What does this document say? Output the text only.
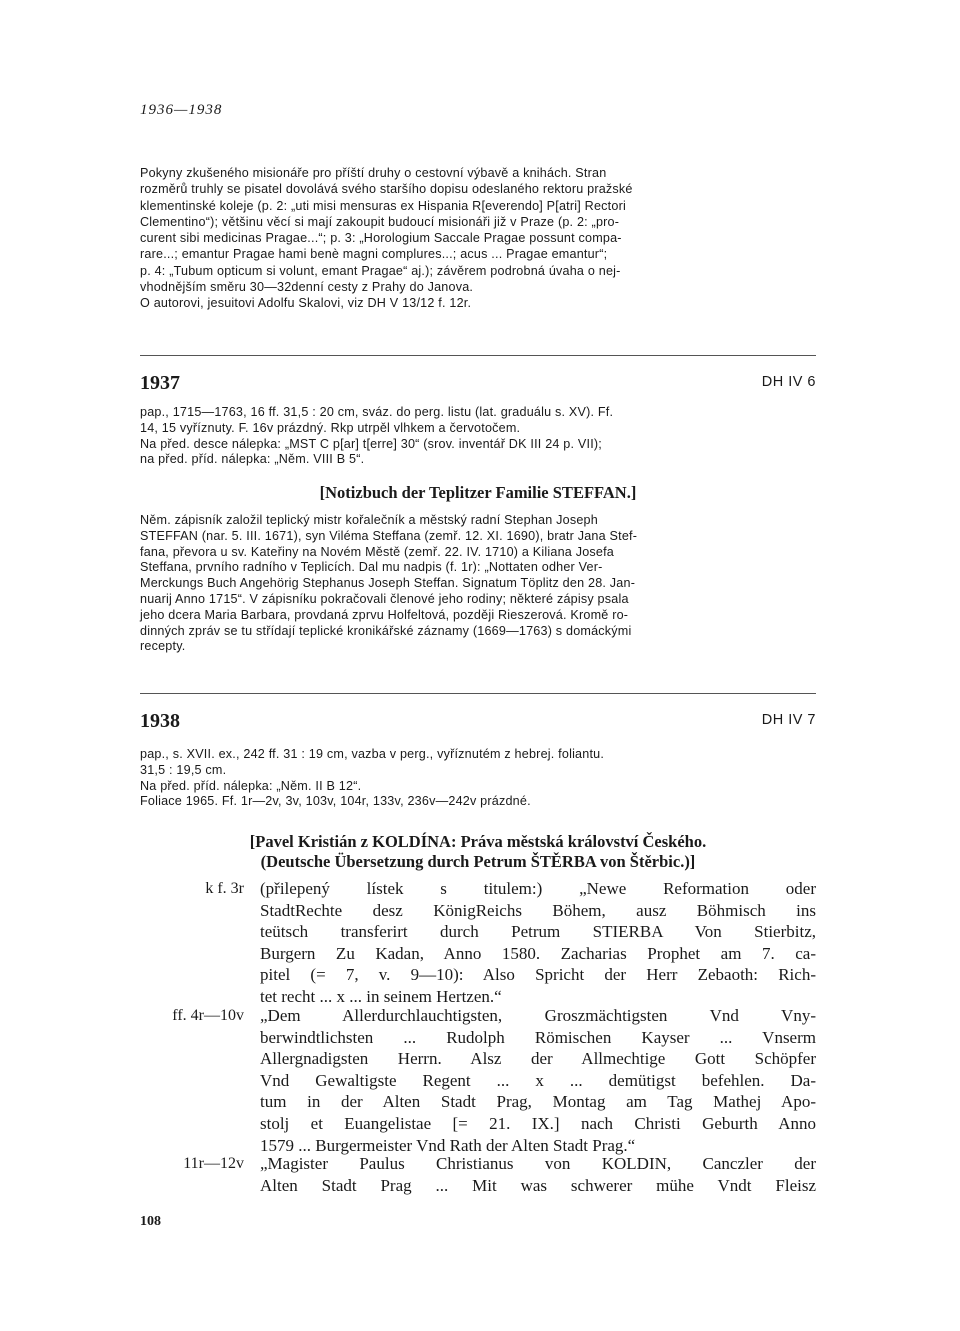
1936—1938

Pokyny zkušeného misionáře pro příští druhy o cestovní výbavě a knihách. Stran

rozměrů truhly se pisatel dovolává svého staršího dopisu odeslaného rektoru pražské

klementinské koleje (p. 2: „uti misi mensuras ex Hispania R[everendo] P[atri] Rectori

Clementino“); většinu věcí si mají zakoupit budoucí misionáři již v Praze (p. 2: „pro-

curent sibi medicinas Pragae...“; p. 3: „Horologium Saccale Pragae possunt compa-

rare...; emantur Pragae hami benè magni complures...; acus ... Pragae emantur“;

p. 4: „Tubum opticum si volunt, emant Pragae“ aj.); závěrem podrobná úvaha o nej-

vhodnějším směru 30—32denní cesty z Prahy do Janova.

O autorovi, jesuitovi Adolfu Skalovi, viz DH V 13/12 f. 12r.

1937	DH IV 6

pap., 1715—1763, 16 ff. 31,5 : 20 cm, sváz. do perg. listu (lat. graduálu s. XV). Ff.

14, 15 vyříznuty. F. 16v prázdný. Rkp utrpěl vlhkem a červotočem.

Na před. desce nálepka: „MST C p[ar] t[erre] 30“ (srov. inventář DK III 24 p. VII);

na před. příd. nálepka: „Něm. VIII B 5“.

[Notizbuch der Teplitzer Familie STEFFAN.]

Něm. zápisník založil teplický mistr kořalečník a městský radní Stephan Joseph

STEFFAN (nar. 5. III. 1671), syn Viléma Steffana (zemř. 12. XI. 1690), bratr Jana Stef-

fana, převora u sv. Kateřiny na Novém Městě (zemř. 22. IV. 1710) a Kiliana Josefa

Steffana, prvního radního v Teplicích. Dal mu nadpis (f. 1r): „Nottaten odher Ver-

Merckungs Buch Angehörig Stephanus Joseph Steffan. Signatum Töplitz den 28. Jan-

nuarij Anno 1715“. V zápisníku pokračovali členové jeho rodiny; některé zápisy psala

jeho dcera Maria Barbara, provdaná zprvu Holfeltová, později Rieszerová. Kromě ro-

dinných zpráv se tu střídají teplické kronikářské záznamy (1669—1763) s domáckými

recepty.

1938	DH IV 7

pap., s. XVII. ex., 242 ff. 31 : 19 cm, vazba v perg., vyříznutém z hebrej. foliantu.

31,5 : 19,5 cm.

Na před. příd. nálepka: „Něm. II B 12“.

Foliace 1965. Ff. 1r—2v, 3v, 103v, 104r, 133v, 236v—242v prázdné.

[Pavel Kristián z KOLDÍNA: Práva městská království Českého.
(Deutsche Übersetzung durch Petrum ŠTĚRBA von Štěrbic.)]
k f. 3r (přilepený lístek s titulem:) „Newe Reformation oder
StadtRechte desz KönigReichs Böhem, ausz Böhmisch ins
teütsch transferirt durch Petrum STIERBA Von Stierbitz,
Burgern Zu Kadan, Anno 1580. Zacharias Prophet am 7. ca-
pitel (= 7, v. 9—10): Also Spricht der Herr Zebaoth: Rich-
tet recht ... x ... in seinem Hertzen.“
ff. 4r—10v „Dem Allerdurchlauchtigsten, Groszmächtigsten Vnd Vny-
berwindtlichsten ... Rudolph Römischen Kayser ... Vnserm
Allergnadigsten Herrn. Alsz der Allmechtige Gott Schöpfer
Vnd Gewaltigste Regent ... x ... demütigst befehlen. Da-
tum in der Alten Stadt Prag, Montag am Tag Mathej Apo-
stolj et Euangelistae [= 21. IX.] nach Christi Geburth Anno
1579 ... Burgermeister Vnd Rath der Alten Stadt Prag.“
11r—12v „Magister Paulus Christianus von KOLDIN, Canczler der
Alten Stadt Prag ... Mit was schwerer mühe Vndt Fleisz
108
